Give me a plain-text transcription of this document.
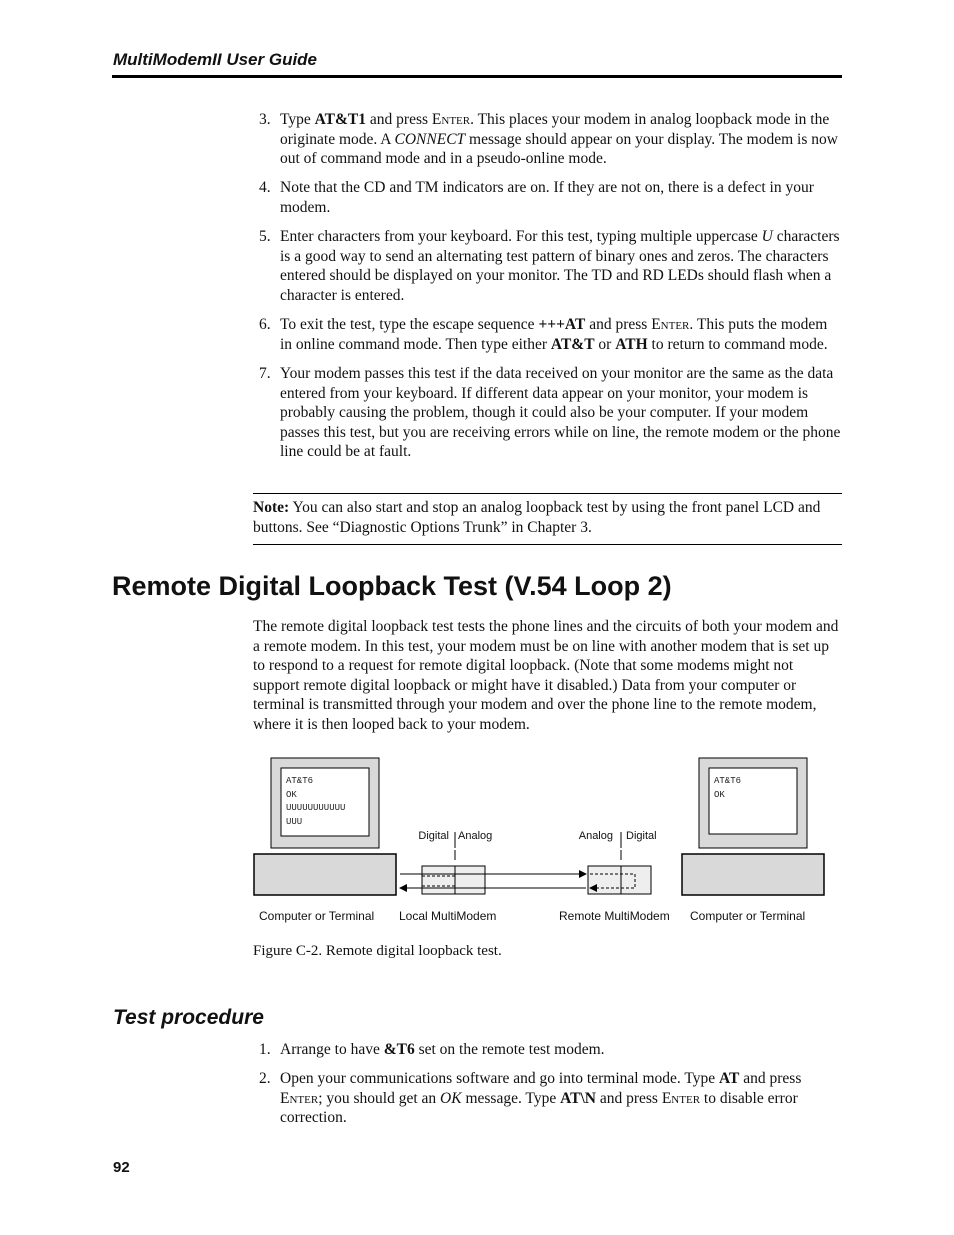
MultiModemII User Guide
3. Type AT&T1 and press Enter. This places your modem in analog loopback mode in the originate mode. A CONNECT message should appear on your display. The modem is now out of command mode and in a pseudo-online mode.
4. Note that the CD and TM indicators are on. If they are not on, there is a defect in your modem.
5. Enter characters from your keyboard. For this test, typing multiple uppercase U characters is a good way to send an alternating test pattern of binary ones and zeros. The characters entered should be displayed on your monitor. The TD and RD LEDs should flash when a character is entered.
6. To exit the test, type the escape sequence +++AT and press Enter. This puts the modem in online command mode. Then type either AT&T or ATH to return to command mode.
7. Your modem passes this test if the data received on your monitor are the same as the data entered from your keyboard. If different data appear on your monitor, your modem is probably causing the problem, though it could also be your computer. If your modem passes this test, but you are receiving errors while on line, the remote modem or the phone line could be at fault.
Note: You can also start and stop an analog loopback test by using the front panel LCD and buttons. See “Diagnostic Options Trunk” in Chapter 3.
Remote Digital Loopback Test (V.54 Loop 2)
The remote digital loopback test tests the phone lines and the circuits of both your modem and a remote modem. In this test, your modem must be on line with another modem that is set up to respond to a request for remote digital loopback. (Note that some modems might not support remote digital loopback or might have it disabled.) Data from your computer or terminal is transmitted through your modem and over the phone line to the remote modem, where it is then looped back to your modem.
AT&T6
OK
UUUUUUUUUUU
UUU
AT&T6
OK
Digital Analog	Analog Digital
Computer or Terminal Local MultiModem	Remote MultiModem Computer or Terminal
Figure C-2. Remote digital loopback test.
Test procedure
1. Arrange to have &T6 set on the remote test modem.
2. Open your communications software and go into terminal mode. Type AT and press Enter; you should get an OK message. Type AT\N and press Enter to disable error correction.
92
